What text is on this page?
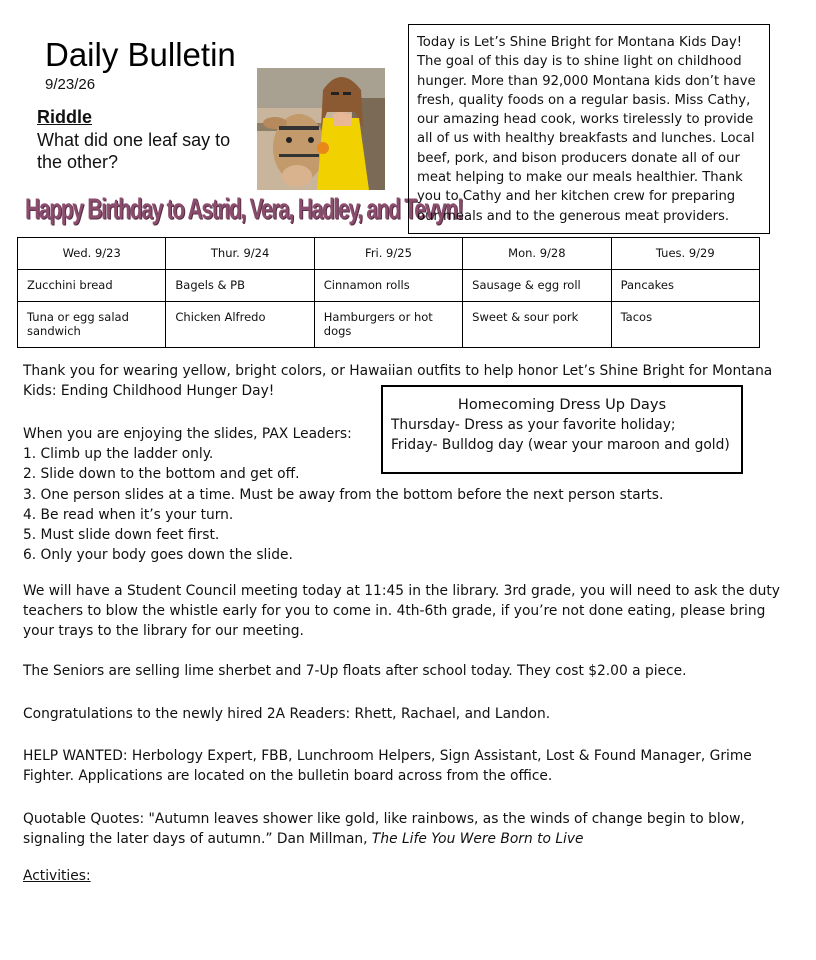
Daily Bulletin
9/23/26
Riddle
What did one leaf say to the other?
Happy Birthday to Astrid, Vera, Hadley, and Tevyn!
Today is Let’s Shine Bright for Montana Kids Day! The goal of this day is to shine light on childhood hunger. More than 92,000 Montana kids don’t have fresh, quality foods on a regular basis. Miss Cathy, our amazing head cook, works tirelessly to provide all of us with healthy breakfasts and lunches. Local beef, pork, and bison producers donate all of our meat helping to make our meals healthier. Thank you to Cathy and her kitchen crew for preparing our meals and to the generous meat providers.
Wed. 9/23	Thur. 9/24	Fri. 9/25	Mon. 9/28	Tues. 9/29
Zucchini bread	Bagels & PB	Cinnamon rolls	Sausage & egg roll	Pancakes
Tuna or egg salad sandwich	Chicken Alfredo	Hamburgers or hot dogs	Sweet & sour pork	Tacos
Thank you for wearing yellow, bright colors, or Hawaiian outfits to help honor Let’s Shine Bright for Montana Kids: Ending Childhood Hunger Day!
When you are enjoying the slides, PAX Leaders:
1. Climb up the ladder only.
2. Slide down to the bottom and get off.
3. One person slides at a time. Must be away from the bottom before the next person starts.
4. Be read when it’s your turn.
5. Must slide down feet first.
6. Only your body goes down the slide.
Homecoming Dress Up Days
Thursday- Dress as your favorite holiday;
Friday- Bulldog day (wear your maroon and gold)
We will have a Student Council meeting today at 11:45 in the library. 3rd grade, you will need to ask the duty teachers to blow the whistle early for you to come in. 4th-6th grade, if you’re not done eating, please bring your trays to the library for our meeting.
The Seniors are selling lime sherbet and 7-Up floats after school today. They cost $2.00 a piece.
Congratulations to the newly hired 2A Readers: Rhett, Rachael, and Landon.
HELP WANTED: Herbology Expert, FBB, Lunchroom Helpers, Sign Assistant, Lost & Found Manager, Grime Fighter. Applications are located on the bulletin board across from the office.
Quotable Quotes: "Autumn leaves shower like gold, like rainbows, as the winds of change begin to blow, signaling the later days of autumn.” Dan Millman, The Life You Were Born to Live
Activities:
